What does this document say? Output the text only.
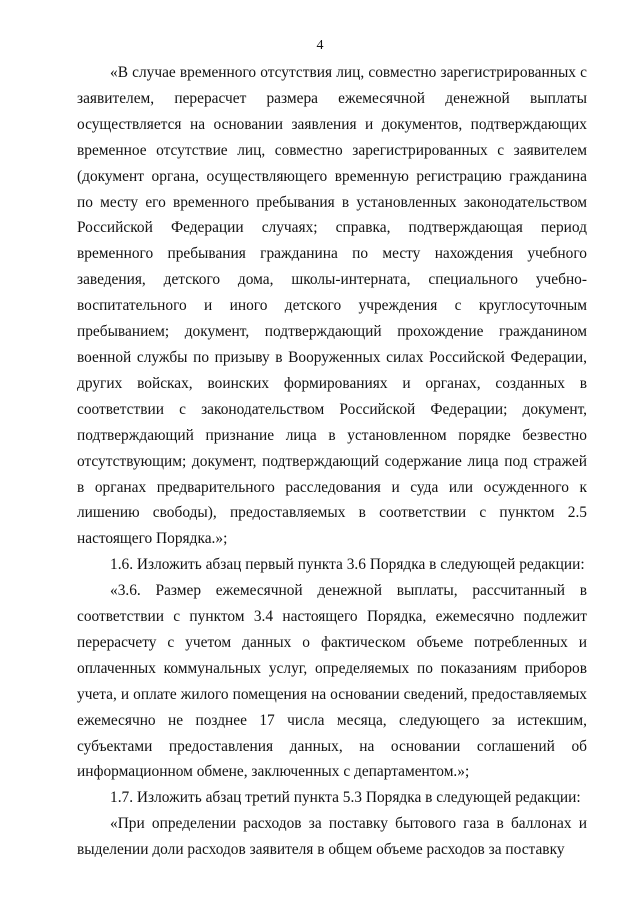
4

«В случае временного отсутствия лиц, совместно зарегистрированных с заявителем, перерасчет размера ежемесячной денежной выплаты осуществляется на основании заявления и документов, подтверждающих временное отсутствие лиц, совместно зарегистрированных с заявителем (документ органа, осуществляющего временную регистрацию гражданина по месту его временного пребывания в установленных законодательством Российской Федерации случаях; справка, подтверждающая период временного пребывания гражданина по месту нахождения учебного заведения, детского дома, школы-интерната, специального учебно-воспитательного и иного детского учреждения с круглосуточным пребыванием; документ, подтверждающий прохождение гражданином военной службы по призыву в Вооруженных силах Российской Федерации, других войсках, воинских формированиях и органах, созданных в соответствии с законодательством Российской Федерации; документ, подтверждающий признание лица в установленном порядке безвестно отсутствующим; документ, подтверждающий содержание лица под стражей в органах предварительного расследования и суда или осужденного к лишению свободы), предоставляемых в соответствии с пунктом 2.5 настоящего Порядка.»;

1.6. Изложить абзац первый пункта 3.6 Порядка в следующей редакции:

«3.6. Размер ежемесячной денежной выплаты, рассчитанный в соответствии с пунктом 3.4 настоящего Порядка, ежемесячно подлежит перерасчету с учетом данных о фактическом объеме потребленных и оплаченных коммунальных услуг, определяемых по показаниям приборов учета, и оплате жилого помещения на основании сведений, предоставляемых ежемесячно не позднее 17 числа месяца, следующего за истекшим, субъектами предоставления данных, на основании соглашений об информационном обмене, заключенных с департаментом.»;

1.7. Изложить абзац третий пункта 5.3 Порядка в следующей редакции:

«При определении расходов за поставку бытового газа в баллонах и выделении доли расходов заявителя в общем объеме расходов за поставку
